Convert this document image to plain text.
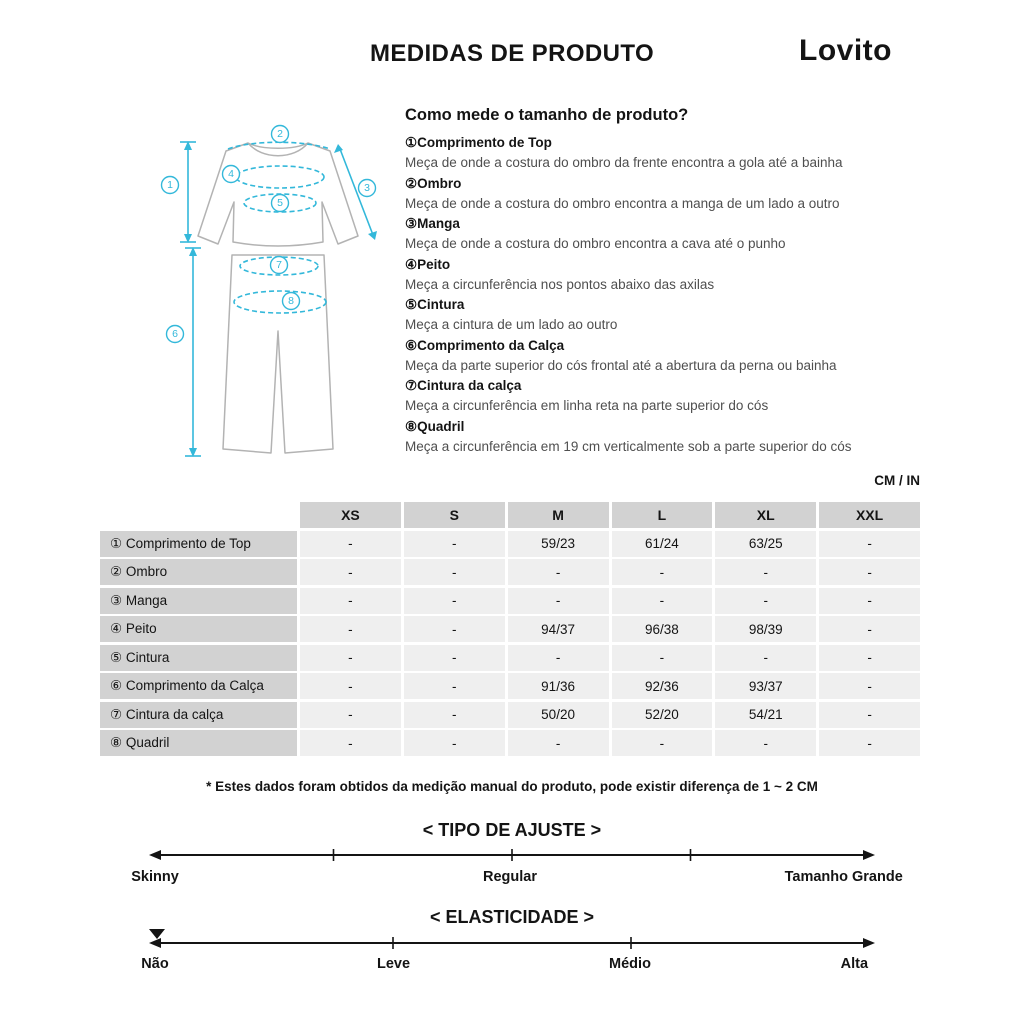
MEDIDAS DE PRODUTO	Lovito
1
2
3
4
5
6
7
8
Como mede o tamanho de produto?
①Comprimento de Top
Meça de onde a costura do ombro da frente encontra a gola até a bainha
②Ombro
Meça de onde a costura do ombro encontra a manga de um lado a outro
③Manga
Meça de onde a costura do ombro encontra a cava até o punho
④Peito
Meça a circunferência nos pontos abaixo das axilas
⑤Cintura
Meça a cintura de um lado ao outro
⑥Comprimento da Calça
Meça da parte superior do cós frontal até a abertura da perna ou bainha
⑦Cintura da calça
Meça a circunferência em linha reta na parte superior do cós
⑧Quadril
Meça a circunferência em 19 cm verticalmente sob a parte superior do cós
CM / IN
XS	S	M	L	XL	XXL
① Comprimento de Top	-	-	59/23	61/24	63/25	-
② Ombro	-	-	-	-	-	-
③ Manga	-	-	-	-	-	-
④ Peito	-	-	94/37	96/38	98/39	-
⑤ Cintura	-	-	-	-	-	-
⑥ Comprimento da Calça	-	-	91/36	92/36	93/37	-
⑦ Cintura da calça	-	-	50/20	52/20	54/21	-
⑧ Quadril	-	-	-	-	-	-
* Estes dados foram obtidos da medição manual do produto, pode existir diferença de 1 ~ 2 CM
< TIPO DE AJUSTE >
Skinny	Regular	Tamanho Grande
< ELASTICIDADE >
Não	Leve	Médio	Alta
